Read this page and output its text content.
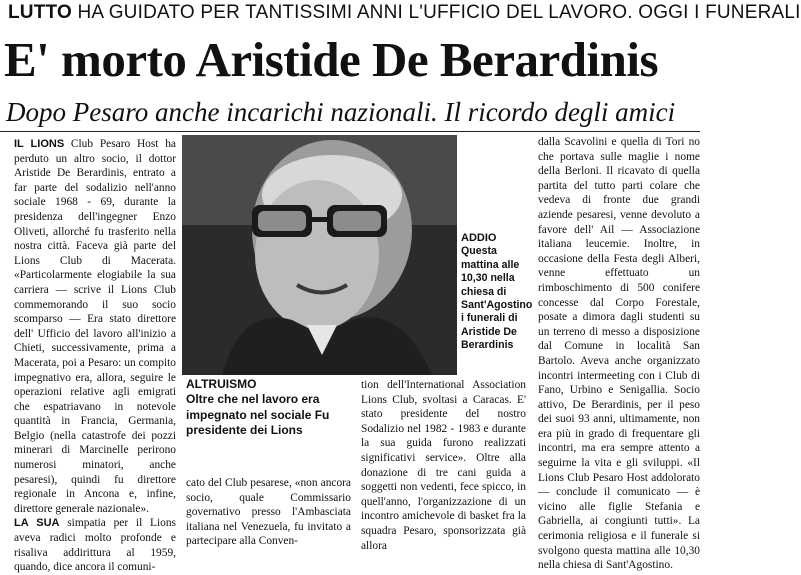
LUTTO HA GUIDATO PER TANTISSIMI ANNI L'UFFICIO DEL LAVORO. OGGI I FUNERALI
E' morto Aristide De Berardinis
Dopo Pesaro anche incarichi nazionali. Il ricordo degli amici

IL LIONS Club Pesaro Host ha perduto un altro socio, il dottor Aristide De Berardinis, entrato a far parte del sodalizio nell'anno sociale 1968 - 69, durante la presidenza dell'ingegner Enzo Oliveti, allorché fu trasferito nella nostra città. Faceva già parte del Lions Club di Macerata. «Particolarmente elogiabile la sua carriera — scrive il Lions Club commemorando il suo socio scomparso — Era stato direttore dell' Ufficio del lavoro all'inizio a Chieti, successivamente, prima a Macerata, poi a Pesaro: un compito impegnativo era, allora, seguire le operazioni relative agli emigrati che espatriavano in notevole quantità in Francia, Germania, Belgio (nella catastrofe dei pozzi minerari di Marcinelle perirono numerosi minatori, anche pesaresi), quindi fu direttore regionale in Ancona e, infine, direttore generale nazionale».

LA SUA simpatia per il Lions aveva radici molto profonde e risaliva addirittura al 1959, quando, dice ancora il comuni-

ADDIO
Questa mattina alle 10,30 nella chiesa di Sant'Agostino i funerali di Aristide De Berardinis
ALTRUISMO
Oltre che nel lavoro era impegnato nel sociale Fu presidente dei Lions

cato del Club pesarese, «non ancora socio, quale Commissario governativo presso l'Ambasciata italiana nel Venezuela, fu invitato a partecipare alla Conven-

tion dell'International Association Lions Club, svoltasi a Caracas. E' stato presidente del nostro Sodalizio nel 1982 - 1983 e durante la sua guida furono realizzati significativi service». Oltre alla donazione di tre cani guida a soggetti non vedenti, fece spicco, in quell'anno, l'organizzazione di un incontro amichevole di basket fra la squadra Pesaro, sponsorizzata già allora

dalla Scavolini e quella di Tori no che portava sulle maglie i nome della Berloni. Il ricavato di quella partita del tutto parti colare che vedeva di fronte due grandi aziende pesaresi, venne devoluto a favore dell' Ail — Associazione italiana leucemie. Inoltre, in occasione della Festa degli Alberi, venne effettuato un rimboschimento di 500 conifere concesse dal Corpo Forestale, posate a dimora dagli studenti su un terreno di messo a disposizione dal Comune in località San Bartolo. Aveva anche organizzato incontri intermeeting con i Club di Fano, Urbino e Senigallia. Socio attivo, De Berardinis, per il peso dei suoi 93 anni, ultimamente, non era più in grado di frequentare gli incontri, ma era sempre attento a seguirne la vita e gli sviluppi. «Il Lions Club Pesaro Host addolorato — conclude il comunicato — è vicino alle figlie Stefania e Gabriella, ai congiunti tutti». La cerimonia religiosa e il funerale si svolgono questa mattina alle 10,30 nella chiesa di Sant'Agostino.
